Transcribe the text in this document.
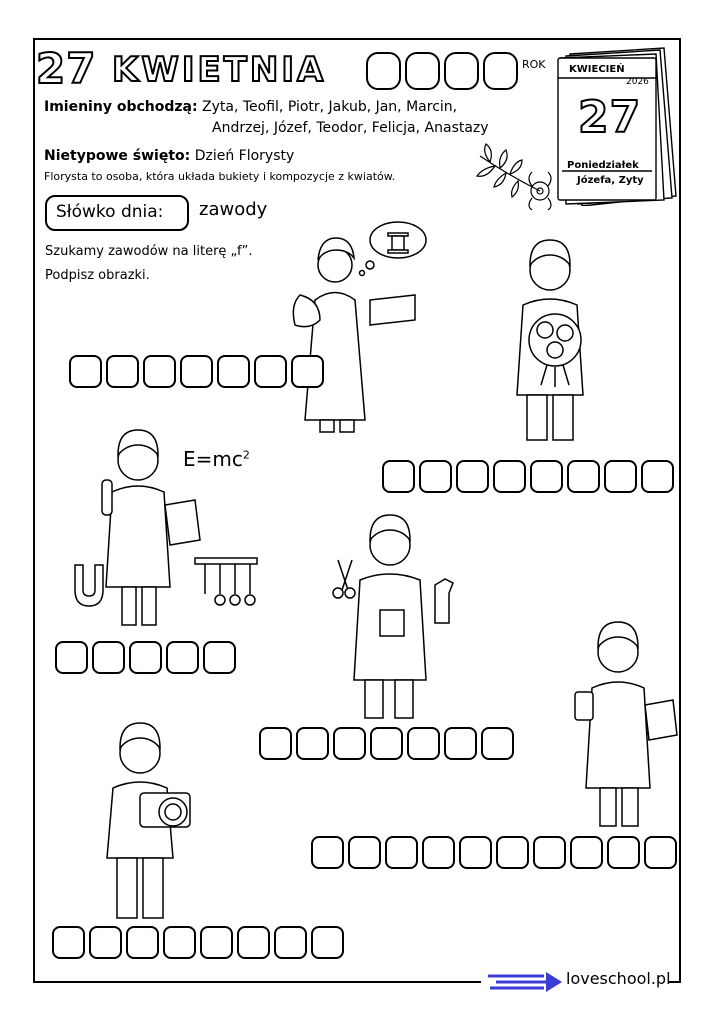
27 KWIETNIA	ROK
Imieniny obchodzą: Zyta, Teofil, Piotr, Jakub, Jan, Marcin,
Andrzej, Józef, Teodor, Felicja, Anastazy
Nietypowe święto: Dzień Florysty
Florysta to osoba, która układa bukiety i kompozycje z kwiatów.
KWIECIEŃ
2026
27
Poniedziałek
Józefa, Zyty
Słówko dnia:	zawody
Szukamy zawodów na literę „f”.
Podpisz obrazki.
$E=mc^2$
loveschool.pl
